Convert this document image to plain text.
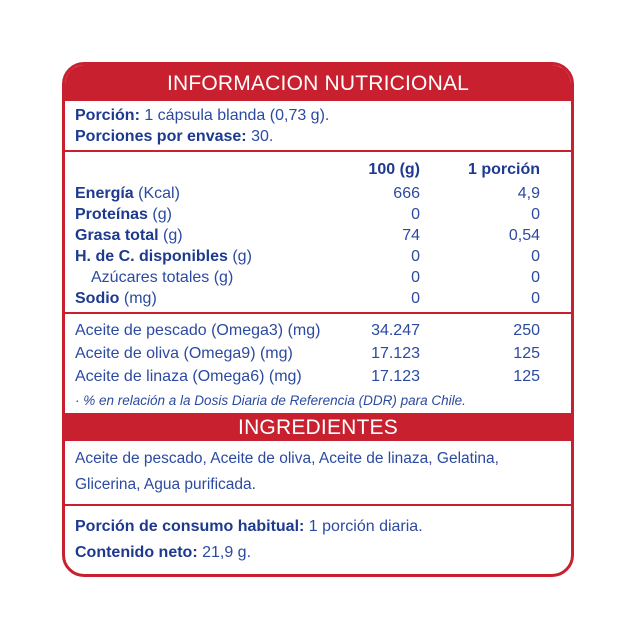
INFORMACION NUTRICIONAL
Porción: 1 cápsula blanda (0,73 g).
Porciones por envase: 30.
100 (g)	1 porción
Energía (Kcal)	666	4,9
Proteínas (g)	0	0
Grasa total (g)	74	0,54
H. de C. disponibles (g)	0	0
Azúcares totales (g)	0	0
Sodio (mg)	0	0
Aceite de pescado (Omega3) (mg)	34.247	250
Aceite de oliva (Omega9) (mg)	17.123	125
Aceite de linaza (Omega6) (mg)	17.123	125
· % en relación a la Dosis Diaria de Referencia (DDR) para Chile.
INGREDIENTES
Aceite de pescado, Aceite de oliva, Aceite de linaza, Gelatina,
Glicerina, Agua purificada.
Porción de consumo habitual: 1 porción diaria.
Contenido neto: 21,9 g.
